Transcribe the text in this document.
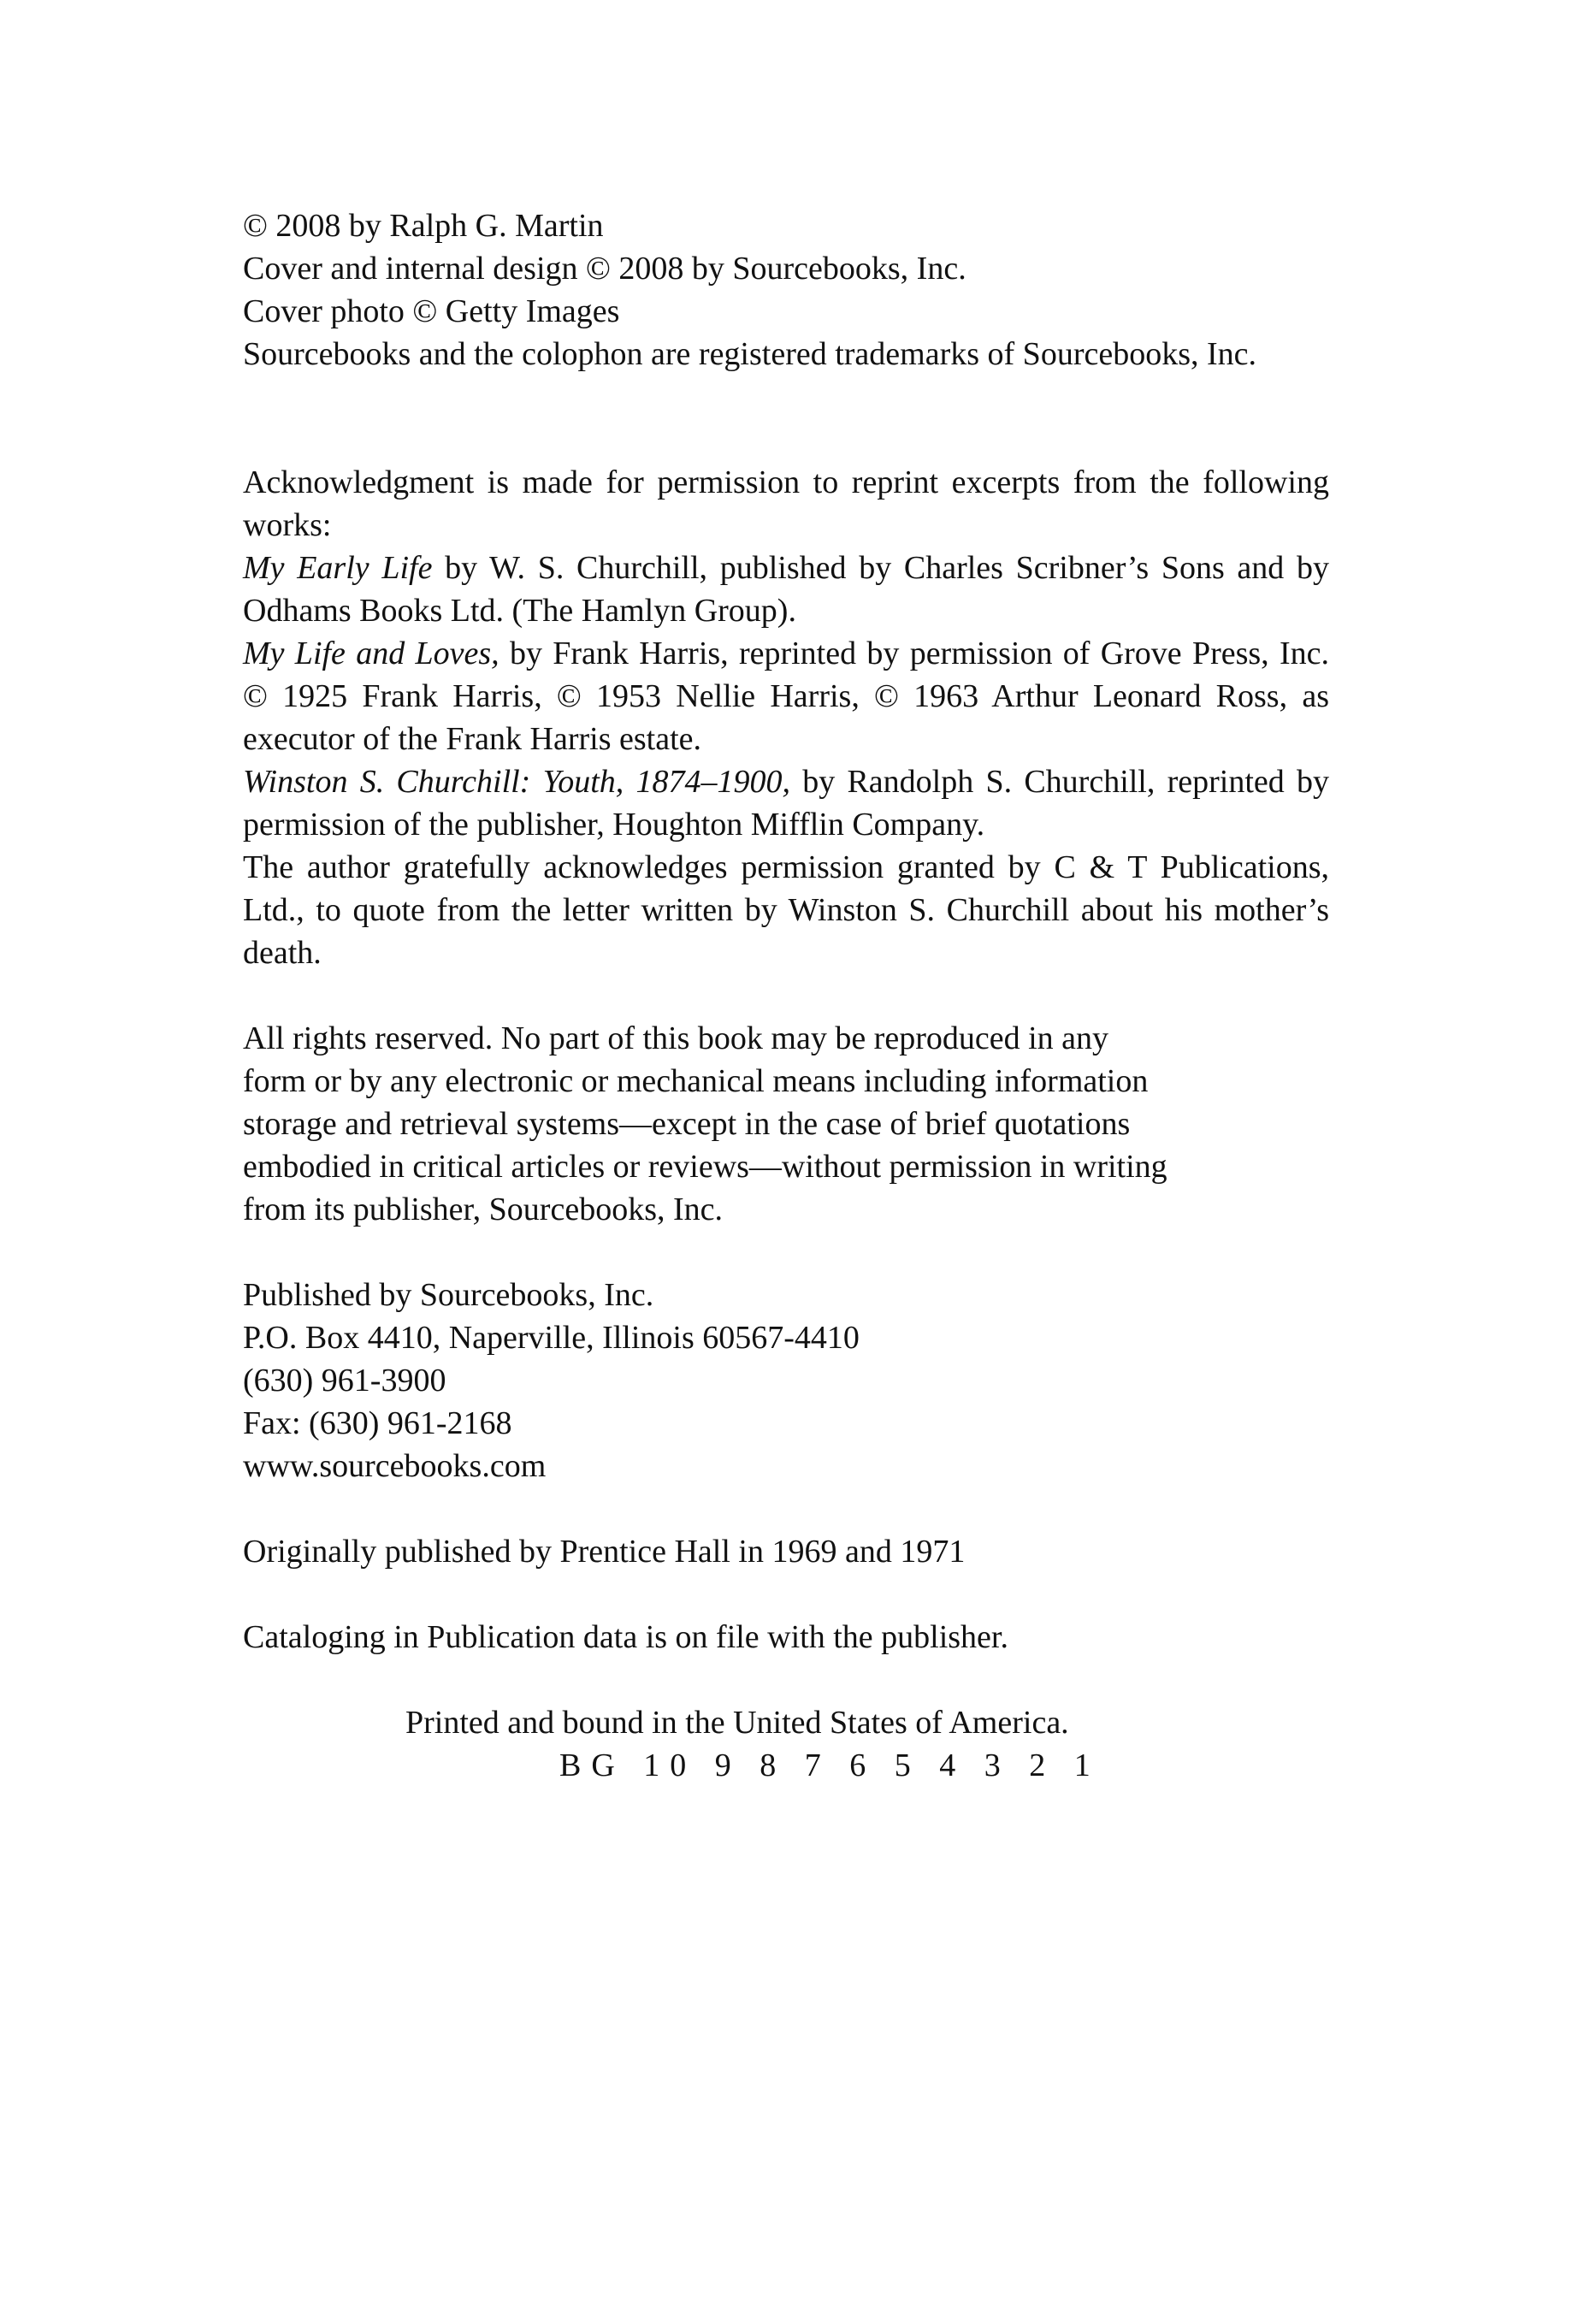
© 2008 by Ralph G. Martin

Cover and internal design © 2008 by Sourcebooks, Inc.

Cover photo © Getty Images

Sourcebooks and the colophon are registered trademarks of Sourcebooks, Inc.

Acknowledgment is made for permission to reprint excerpts from the following works:

My Early Life by W. S. Churchill, published by Charles Scribner’s Sons and by Odhams Books Ltd. (The Hamlyn Group).

My Life and Loves, by Frank Harris, reprinted by permission of Grove Press, Inc. © 1925 Frank Harris, © 1953 Nellie Harris, © 1963 Arthur Leonard Ross, as executor of the Frank Harris estate.

Winston S. Churchill: Youth, 1874–1900, by Randolph S. Churchill, reprinted by permission of the publisher, Houghton Mifflin Company.

The author gratefully acknowledges permission granted by C & T Publications, Ltd., to quote from the letter written by Winston S. Churchill about his mother’s death.

All rights reserved. No part of this book may be reproduced in any

form or by any electronic or mechanical means including information

storage and retrieval systems—except in the case of brief quotations

embodied in critical articles or reviews—without permission in writing

from its publisher, Sourcebooks, Inc.

Published by Sourcebooks, Inc.

P.O. Box 4410, Naperville, Illinois 60567-4410

(630) 961-3900

Fax: (630) 961-2168

www.sourcebooks.com

Originally published by Prentice Hall in 1969 and 1971

Cataloging in Publication data is on file with the publisher.

Printed and bound in the United States of America.

BG 10 9 8 7 6 5 4 3 2 1
